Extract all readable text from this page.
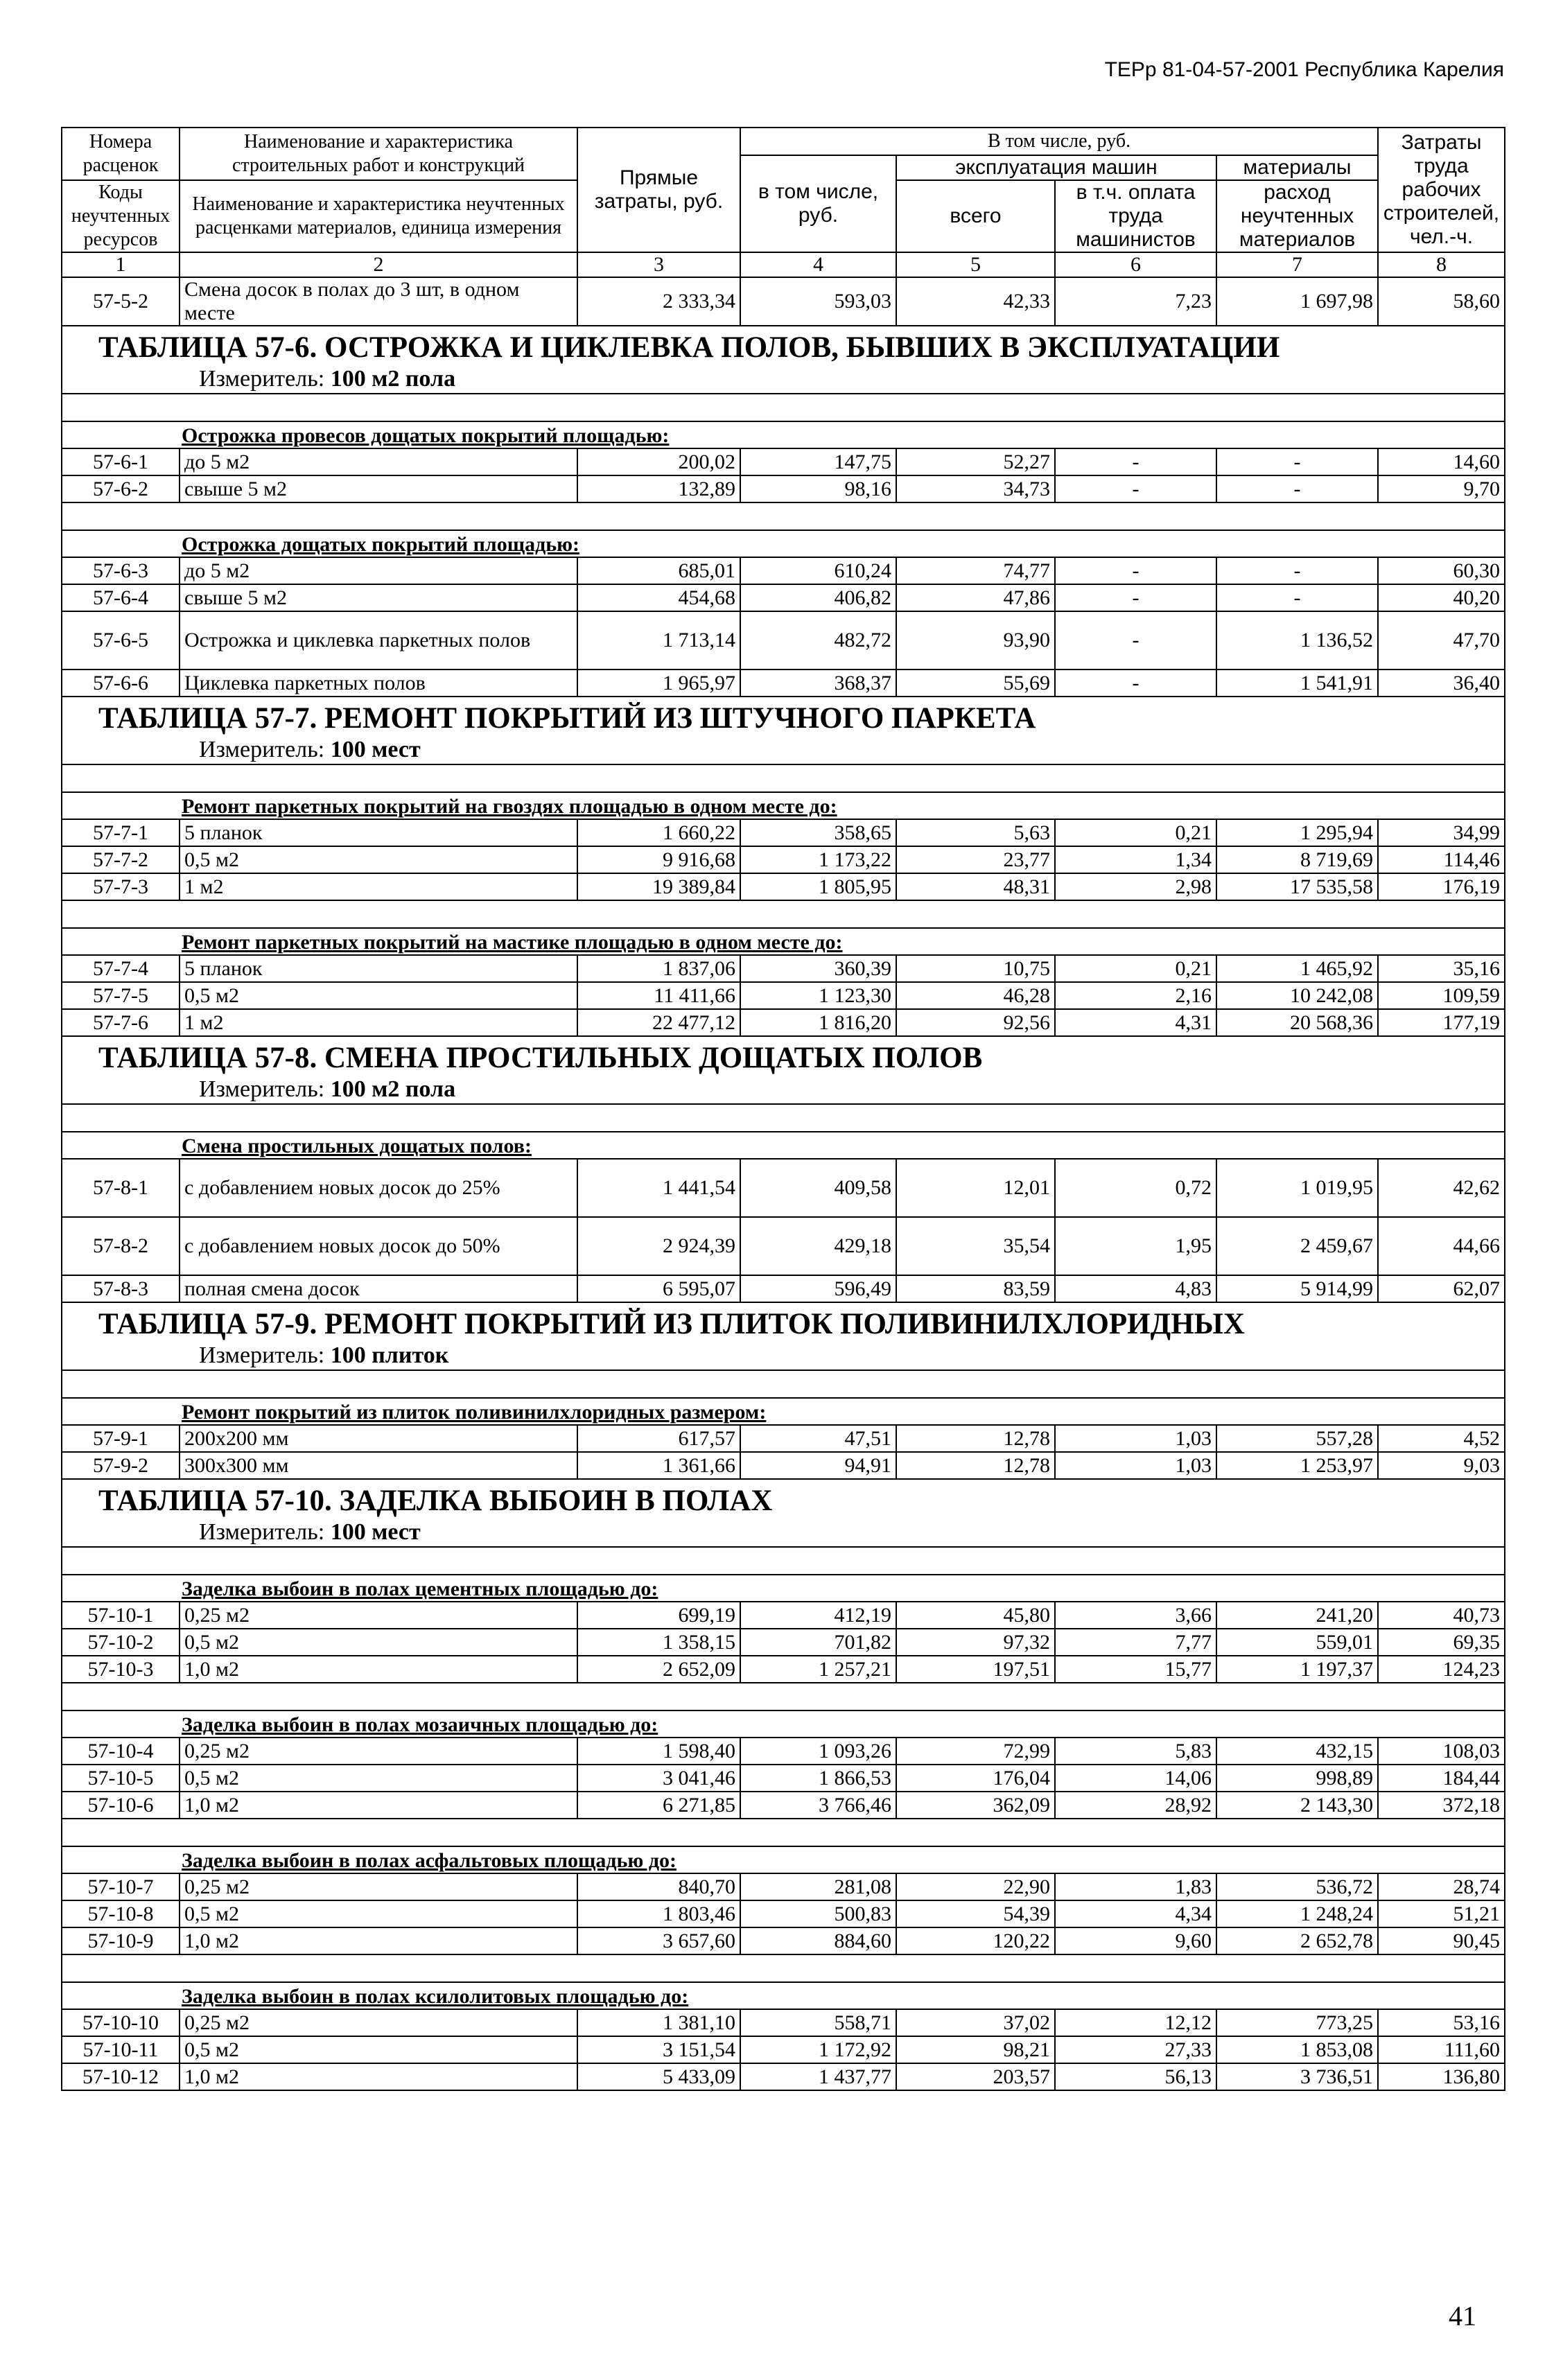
ТЕРр 81-04-57-2001 Республика Карелия
Номера расценок	Наименование и характеристика строительных работ и конструкций	Прямые затраты, руб.	В том числе, руб.				Затраты труда рабочих строителей, чел.-ч.
			в том числе, руб.	эксплуатация машин		материалы	
Коды неучтенных ресурсов	Наименование и характеристика неучтенных расценками материалов, единица измерения			всего	в т.ч. оплата труда машинистов	расход неучтенных материалов	

1	2	3	4	5	6	7	8
57-5-2	Смена досок в полах до 3 шт, в одном месте	2 333,34	593,03	42,33	7,23	1 697,98	58,60

ТАБЛИЦА 57-6. ОСТРОЖКА И ЦИКЛЕВКА ПОЛОВ, БЫВШИХ В ЭКСПЛУАТАЦИИ
Измеритель: 100 м2 пола							

Острожка провесов дощатых покрытий площадью:							
57-6-1	до 5 м2	200,02	147,75	52,27	-	-	14,60
57-6-2	свыше 5 м2	132,89	98,16	34,73	-	-	9,70

Острожка дощатых покрытий площадью:							
57-6-3	до 5 м2	685,01	610,24	74,77	-	-	60,30
57-6-4	свыше 5 м2	454,68	406,82	47,86	-	-	40,20
57-6-5	Острожка и циклевка паркетных полов	1 713,14	482,72	93,90	-	1 136,52	47,70
57-6-6	Циклевка паркетных полов	1 965,97	368,37	55,69	-	1 541,91	36,40

ТАБЛИЦА 57-7. РЕМОНТ ПОКРЫТИЙ ИЗ ШТУЧНОГО ПАРКЕТА
Измеритель: 100 мест							

Ремонт паркетных покрытий на гвоздях площадью в одном месте до:							
57-7-1	5 планок	1 660,22	358,65	5,63	0,21	1 295,94	34,99
57-7-2	0,5 м2	9 916,68	1 173,22	23,77	1,34	8 719,69	114,46
57-7-3	1 м2	19 389,84	1 805,95	48,31	2,98	17 535,58	176,19

Ремонт паркетных покрытий на мастике площадью в одном месте до:							
57-7-4	5 планок	1 837,06	360,39	10,75	0,21	1 465,92	35,16
57-7-5	0,5 м2	11 411,66	1 123,30	46,28	2,16	10 242,08	109,59
57-7-6	1 м2	22 477,12	1 816,20	92,56	4,31	20 568,36	177,19

ТАБЛИЦА 57-8. СМЕНА ПРОСТИЛЬНЫХ ДОЩАТЫХ ПОЛОВ
Измеритель: 100 м2 пола							

Смена простильных дощатых полов:							
57-8-1	с добавлением новых досок до 25%	1 441,54	409,58	12,01	0,72	1 019,95	42,62
57-8-2	с добавлением новых досок до 50%	2 924,39	429,18	35,54	1,95	2 459,67	44,66
57-8-3	полная смена досок	6 595,07	596,49	83,59	4,83	5 914,99	62,07

ТАБЛИЦА 57-9. РЕМОНТ ПОКРЫТИЙ ИЗ ПЛИТОК ПОЛИВИНИЛХЛОРИДНЫХ
Измеритель: 100 плиток							

Ремонт покрытий из плиток поливинилхлоридных размером:							
57-9-1	200х200 мм	617,57	47,51	12,78	1,03	557,28	4,52
57-9-2	300х300 мм	1 361,66	94,91	12,78	1,03	1 253,97	9,03

ТАБЛИЦА 57-10. ЗАДЕЛКА ВЫБОИН В ПОЛАХ
Измеритель: 100 мест							

Заделка выбоин в полах цементных площадью до:							
57-10-1	0,25 м2	699,19	412,19	45,80	3,66	241,20	40,73
57-10-2	0,5 м2	1 358,15	701,82	97,32	7,77	559,01	69,35
57-10-3	1,0 м2	2 652,09	1 257,21	197,51	15,77	1 197,37	124,23

Заделка выбоин в полах мозаичных площадью до:							
57-10-4	0,25 м2	1 598,40	1 093,26	72,99	5,83	432,15	108,03
57-10-5	0,5 м2	3 041,46	1 866,53	176,04	14,06	998,89	184,44
57-10-6	1,0 м2	6 271,85	3 766,46	362,09	28,92	2 143,30	372,18

Заделка выбоин в полах асфальтовых площадью до:							
57-10-7	0,25 м2	840,70	281,08	22,90	1,83	536,72	28,74
57-10-8	0,5 м2	1 803,46	500,83	54,39	4,34	1 248,24	51,21
57-10-9	1,0 м2	3 657,60	884,60	120,22	9,60	2 652,78	90,45

Заделка выбоин в полах ксилолитовых площадью до:							
57-10-10	0,25 м2	1 381,10	558,71	37,02	12,12	773,25	53,16
57-10-11	0,5 м2	3 151,54	1 172,92	98,21	27,33	1 853,08	111,60
57-10-12	1,0 м2	5 433,09	1 437,77	203,57	56,13	3 736,51	136,80
41
